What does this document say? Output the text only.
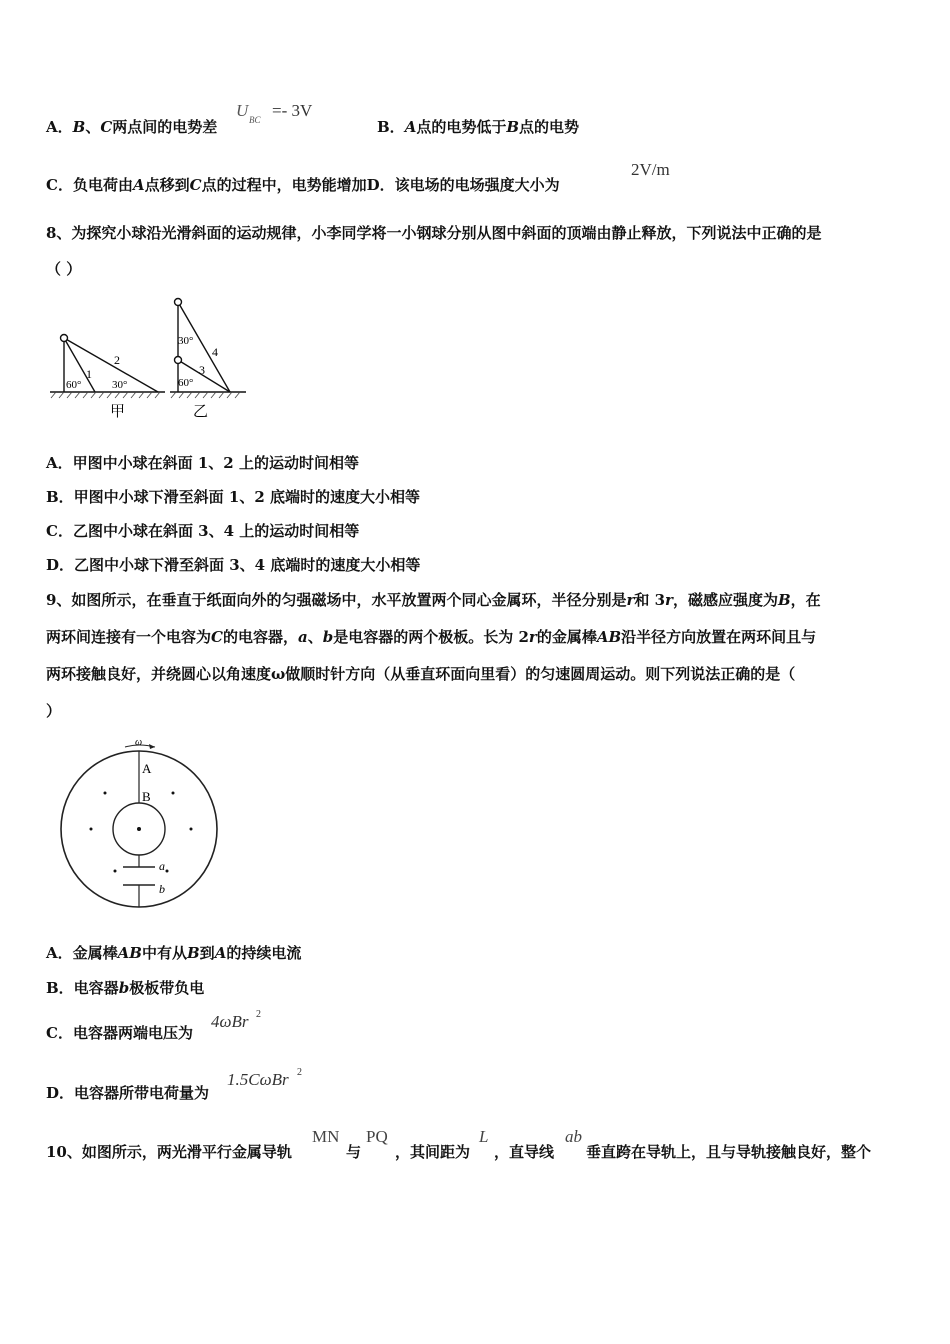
A．B、C两点间的电势差
U BC =- 3V
B．A点的电势低于B点的电势
C．负电荷由A点移到C点的过程中，电势能增加D．该电场的电场强度大小为
2V/m
8、为探究小球沿光滑斜面的运动规律，小李同学将一小钢球分别从图中斜面的顶端由静止释放，下列说法中正确的是
（ ）
60°	30°
1
2
甲
30°
60°
3
4
乙
A．甲图中小球在斜面 1、2 上的运动时间相等
B．甲图中小球下滑至斜面 1、2 底端时的速度大小相等
C．乙图中小球在斜面 3、4 上的运动时间相等
D．乙图中小球下滑至斜面 3、4 底端时的速度大小相等
9、如图所示，在垂直于纸面向外的匀强磁场中，水平放置两个同心金属环，半径分别是r和 3r，磁感应强度为B，在
两环间连接有一个电容为C的电容器，a、b是电容器的两个极板。长为 2r的金属棒AB沿半径方向放置在两环间且与
两环接触良好，并绕圆心以角速度ω做顺时针方向（从垂直环面向里看）的匀速圆周运动。则下列说法正确的是（
）
ω
A
B
a
b
A．金属棒AB中有从B到A的持续电流
B．电容器b极板带负电
C．电容器两端电压为
4ωBr 2
D．电容器所带电荷量为
1.5CωBr 2
10、如图所示，两光滑平行金属导轨
MN
与
PQ
，其间距为
L
，直导线
ab
垂直跨在导轨上，且与导轨接触良好，整个
